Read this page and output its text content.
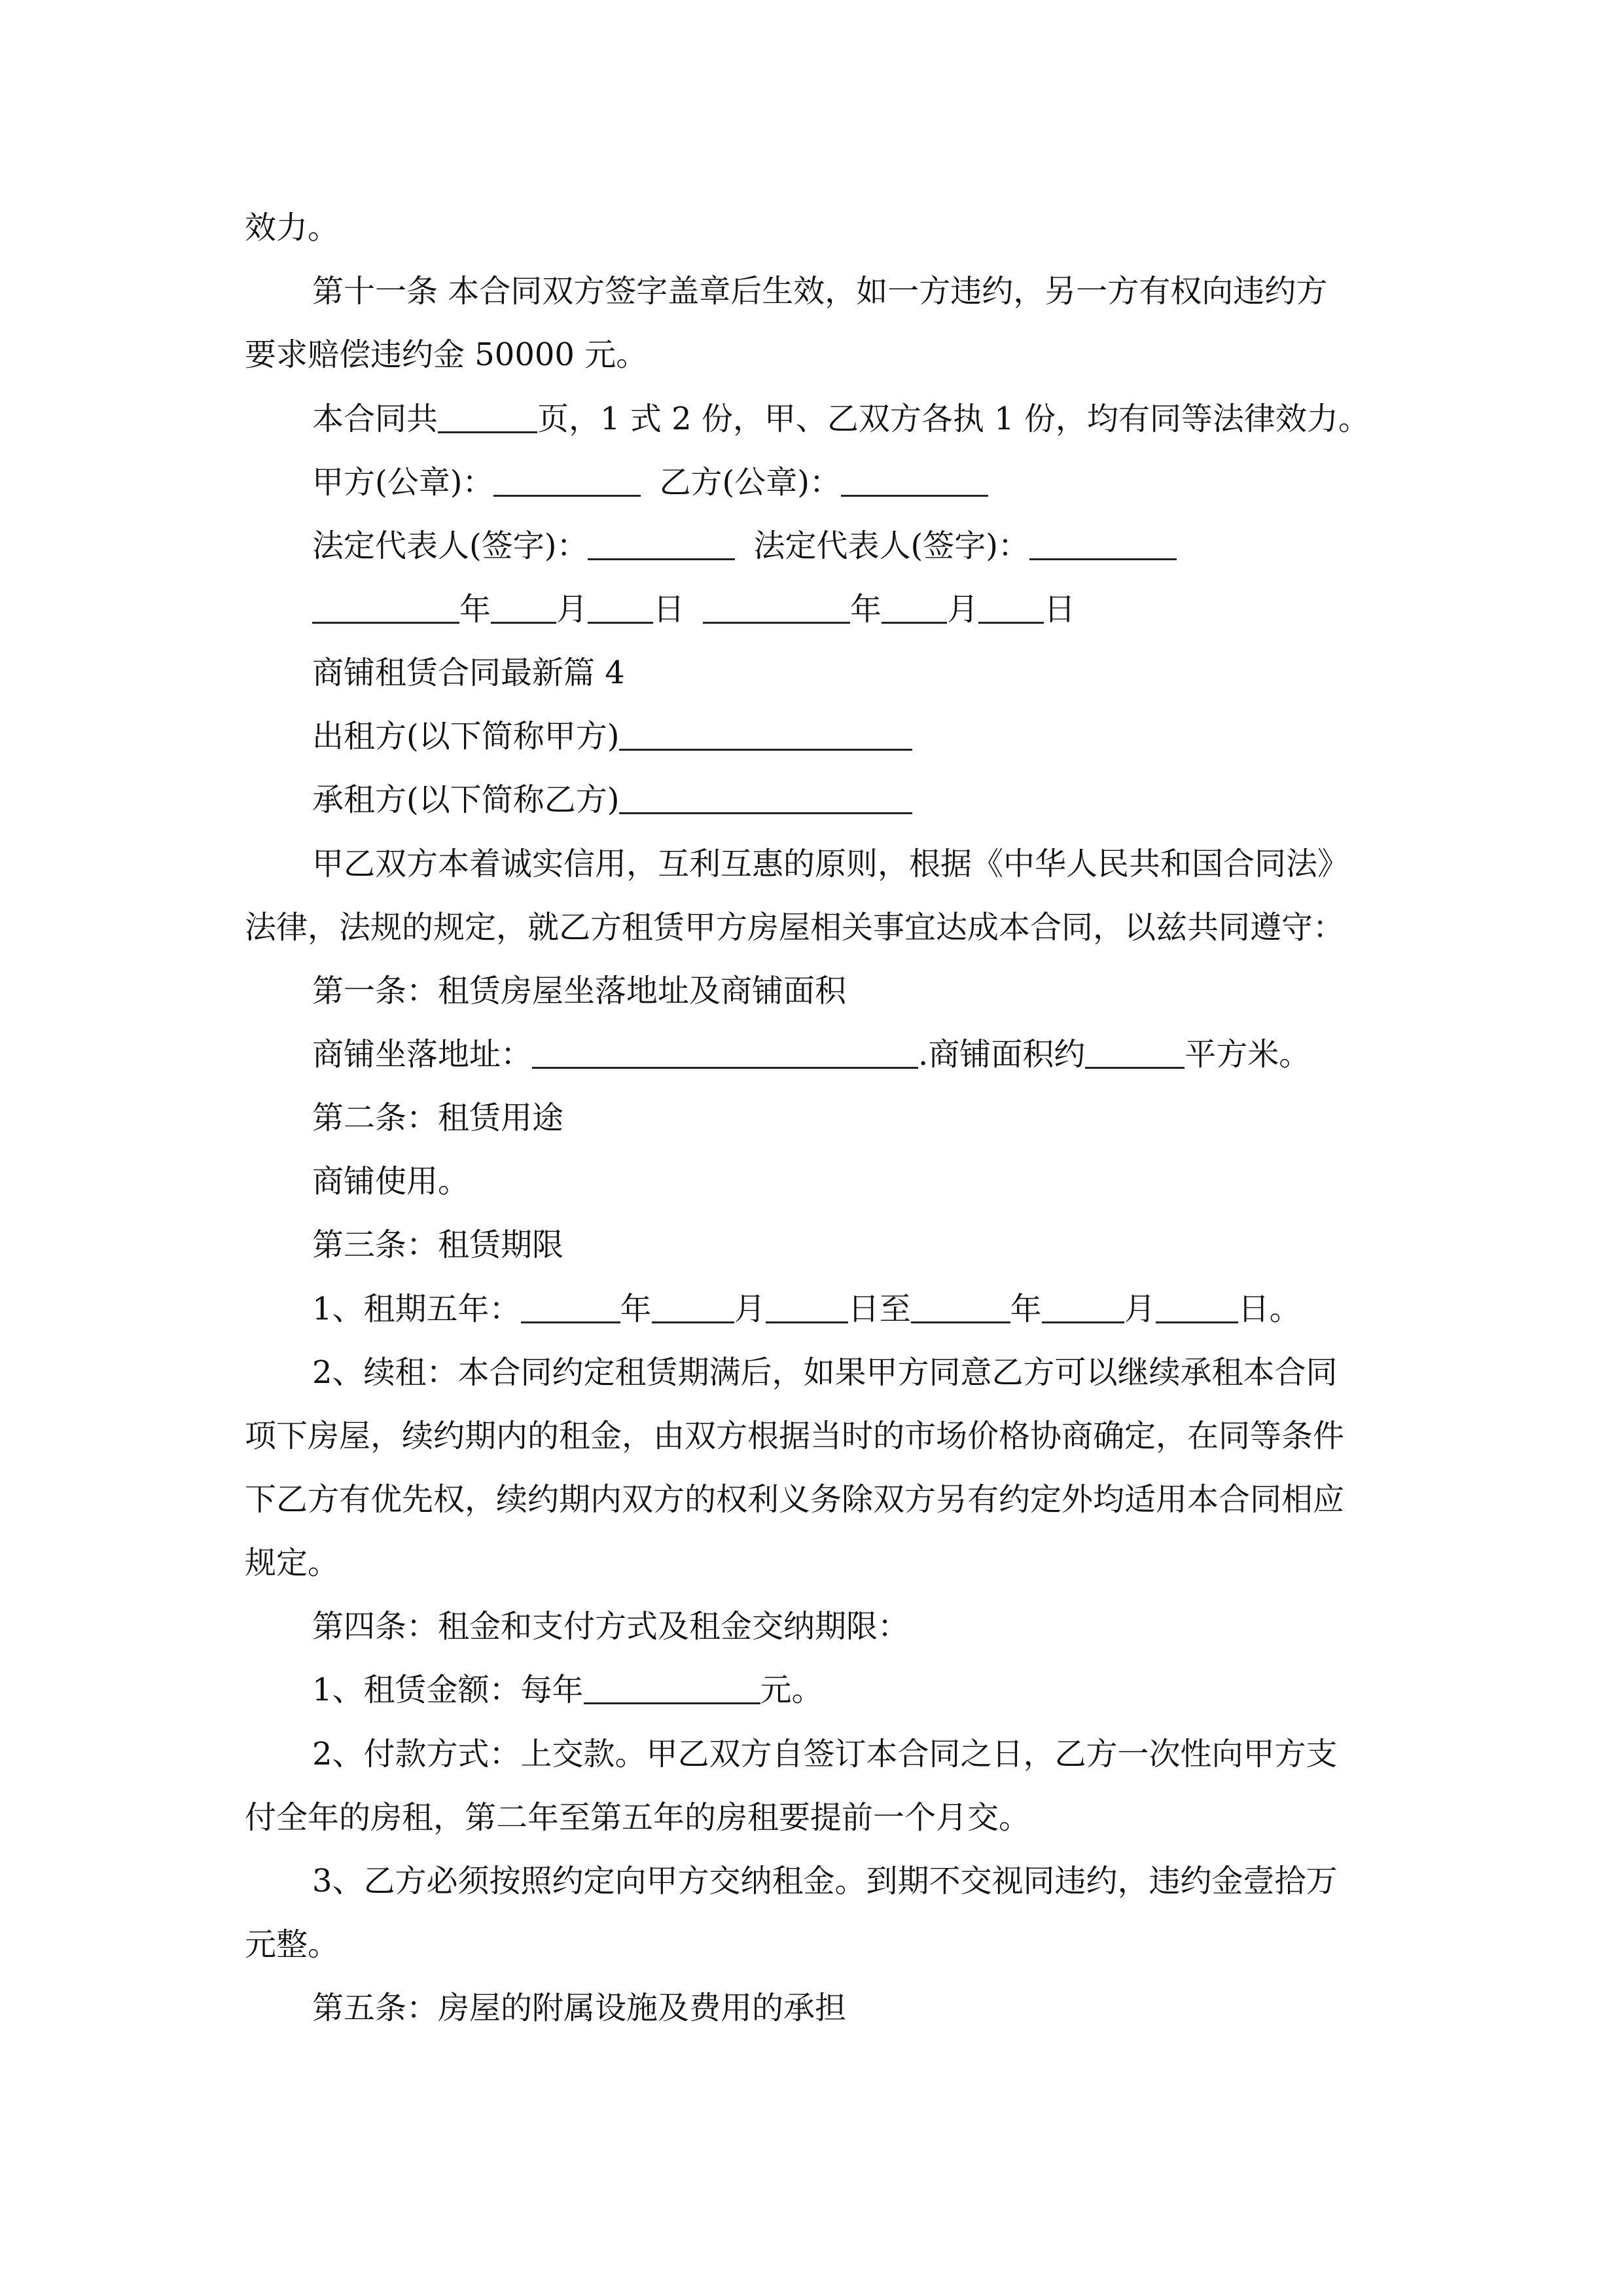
效力。
第十一条 本合同双方签字盖章后生效，如一方违约，另一方有权向违约方
要求赔偿违约金 50000 元。
本合同共	页，1 式 2 份，甲、乙双方各执 1 份，均有同等法律效力。
甲方(公章)：	乙方(公章)：
法定代表人(签字)：	法定代表人(签字)：
年 月 日	年 月 日
商铺租赁合同最新篇 4
出租方(以下简称甲方)
承租方(以下简称乙方)
甲乙双方本着诚实信用，互利互惠的原则，根据《中华人民共和国合同法》
法律，法规的规定，就乙方租赁甲方房屋相关事宜达成本合同，以兹共同遵守：
第一条：租赁房屋坐落地址及商铺面积
商铺坐落地址：	.商铺面积约	平方米。
第二条：租赁用途
商铺使用。
第三条：租赁期限
1、租期五年：	年	月	日至	年	月	日。
2、续租：本合同约定租赁期满后，如果甲方同意乙方可以继续承租本合同
项下房屋，续约期内的租金，由双方根据当时的市场价格协商确定，在同等条件
下乙方有优先权，续约期内双方的权利义务除双方另有约定外均适用本合同相应
规定。
第四条：租金和支付方式及租金交纳期限：
1、租赁金额：每年	元。
2、付款方式：上交款。甲乙双方自签订本合同之日，乙方一次性向甲方支
付全年的房租，第二年至第五年的房租要提前一个月交。
3、乙方必须按照约定向甲方交纳租金。到期不交视同违约，违约金壹拾万
元整。
第五条：房屋的附属设施及费用的承担
